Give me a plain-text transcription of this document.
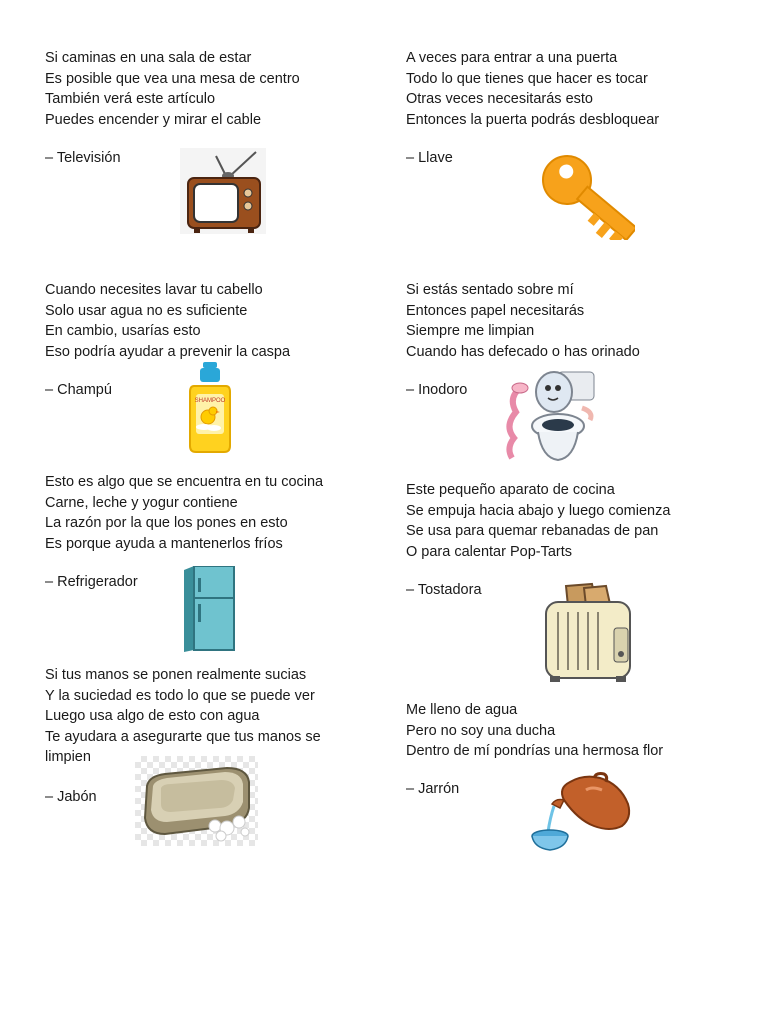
Si caminas en una sala de estar
Es posible que vea una mesa de centro
También verá este artículo
Puedes encender y mirar el cable
– Televisión
A veces para entrar a una puerta
Todo lo que tienes que hacer es tocar
Otras veces necesitarás esto
Entonces la puerta podrás desbloquear
– Llave
Cuando necesites lavar tu cabello
Solo usar agua no es suficiente
En cambio, usarías esto
Eso podría ayudar a prevenir la caspa
– Champú
SHAMPOO
Si estás sentado sobre mí
Entonces papel necesitarás
Siempre me limpian
Cuando has defecado o has orinado
– Inodoro
Esto es algo que se encuentra en tu cocina
Carne, leche y yogur contiene
La razón por la que los pones en esto
Es porque ayuda a mantenerlos fríos
– Refrigerador
Este pequeño aparato de cocina
Se empuja hacia abajo y luego comienza
Se usa para quemar rebanadas de pan
O para calentar Pop-Tarts
– Tostadora
Si tus manos se ponen realmente sucias
Y la suciedad es todo lo que se puede ver
Luego usa algo de esto con agua
Te ayudara a asegurarte que tus manos se
limpien
– Jabón
Me lleno de agua
Pero no soy una ducha
Dentro de mí pondrías una hermosa flor
– Jarrón
